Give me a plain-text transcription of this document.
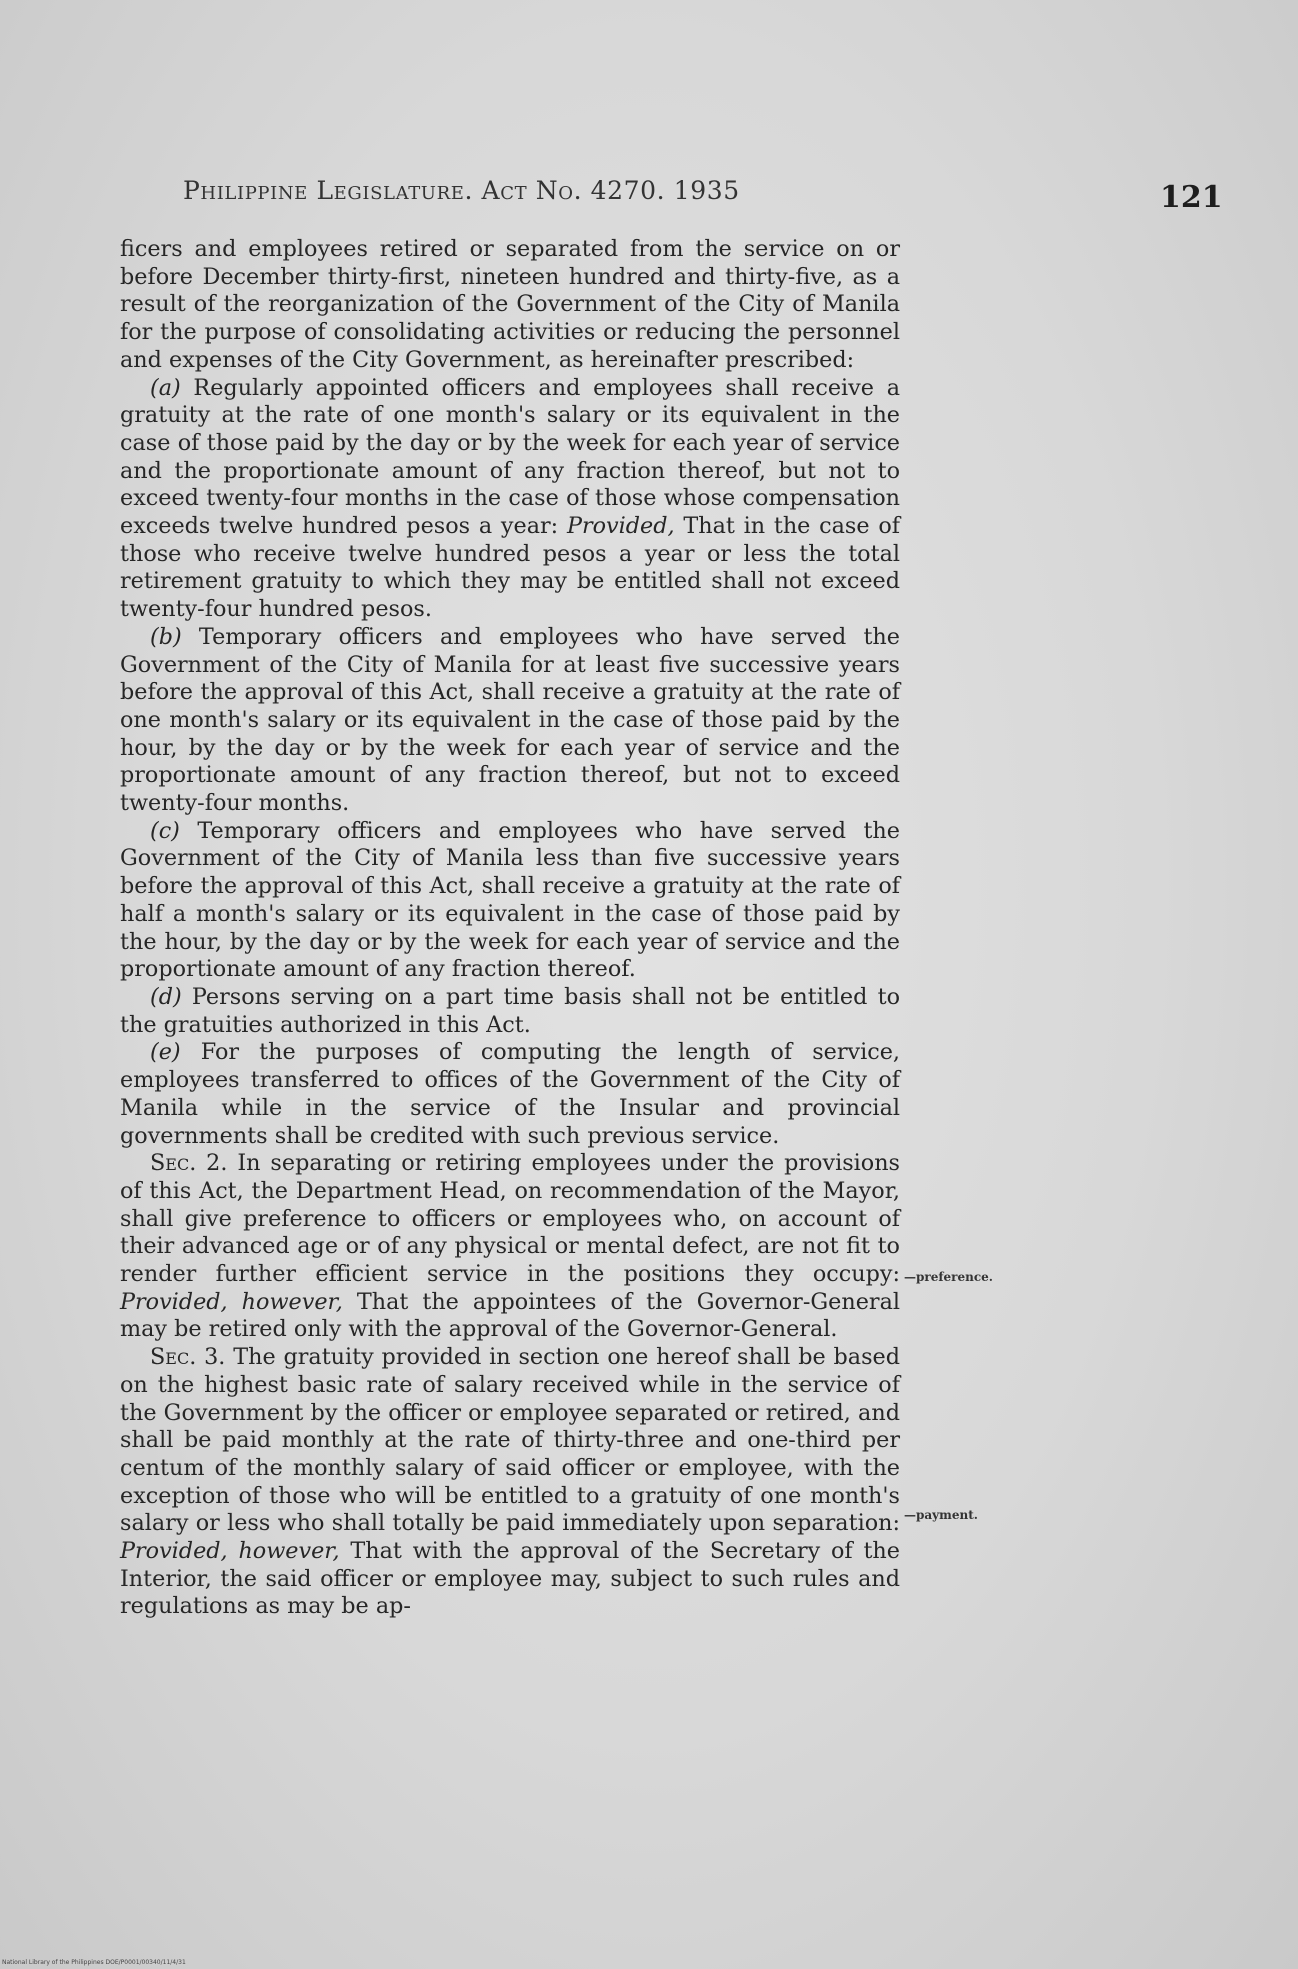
Philippine Legislature. Act No. 4270. 1935	121

ficers and employees retired or separated from the service on or before December thirty-first, nineteen hundred and thirty-five, as a result of the reorganization of the Government of the City of Manila for the purpose of consolidating activities or reducing the personnel and expenses of the City Government, as hereinafter prescribed:

(a) Regularly appointed officers and employees shall receive a gratuity at the rate of one month's salary or its equivalent in the case of those paid by the day or by the week for each year of service and the proportionate amount of any fraction thereof, but not to exceed twenty-four months in the case of those whose compensation exceeds twelve hundred pesos a year: Provided, That in the case of those who receive twelve hundred pesos a year or less the total retirement gratuity to which they may be entitled shall not exceed twenty-four hundred pesos.

(b) Temporary officers and employees who have served the Government of the City of Manila for at least five successive years before the approval of this Act, shall receive a gratuity at the rate of one month's salary or its equivalent in the case of those paid by the hour, by the day or by the week for each year of service and the proportionate amount of any fraction thereof, but not to exceed twenty-four months.

(c) Temporary officers and employees who have served the Government of the City of Manila less than five successive years before the approval of this Act, shall receive a gratuity at the rate of half a month's salary or its equivalent in the case of those paid by the hour, by the day or by the week for each year of service and the proportionate amount of any fraction thereof.

(d) Persons serving on a part time basis shall not be entitled to the gratuities authorized in this Act.

(e) For the purposes of computing the length of service, employees transferred to offices of the Government of the City of Manila while in the service of the Insular and provincial governments shall be credited with such previous service.

Sec. 2. In separating or retiring employees under the provisions of this Act, the Department Head, on recommendation of the Mayor, shall give preference to officers or employees who, on account of their advanced age or of any physical or mental defect, are not fit to render further efficient service in the positions they occupy: Provided, however, That the appointees of the Governor-General may be retired only with the approval of the Governor-General.

Sec. 3. The gratuity provided in section one hereof shall be based on the highest basic rate of salary received while in the service of the Government by the officer or employee separated or retired, and shall be paid monthly at the rate of thirty-three and one-third per centum of the monthly salary of said officer or employee, with the exception of those who will be entitled to a gratuity of one month's salary or less who shall totally be paid immediately upon separation: Provided, however, That with the approval of the Secretary of the Interior, the said officer or employee may, subject to such rules and regulations as may be ap-

—preference.
—payment.
National Library of the Philippines DOE/P0001/00340/11/4/31
